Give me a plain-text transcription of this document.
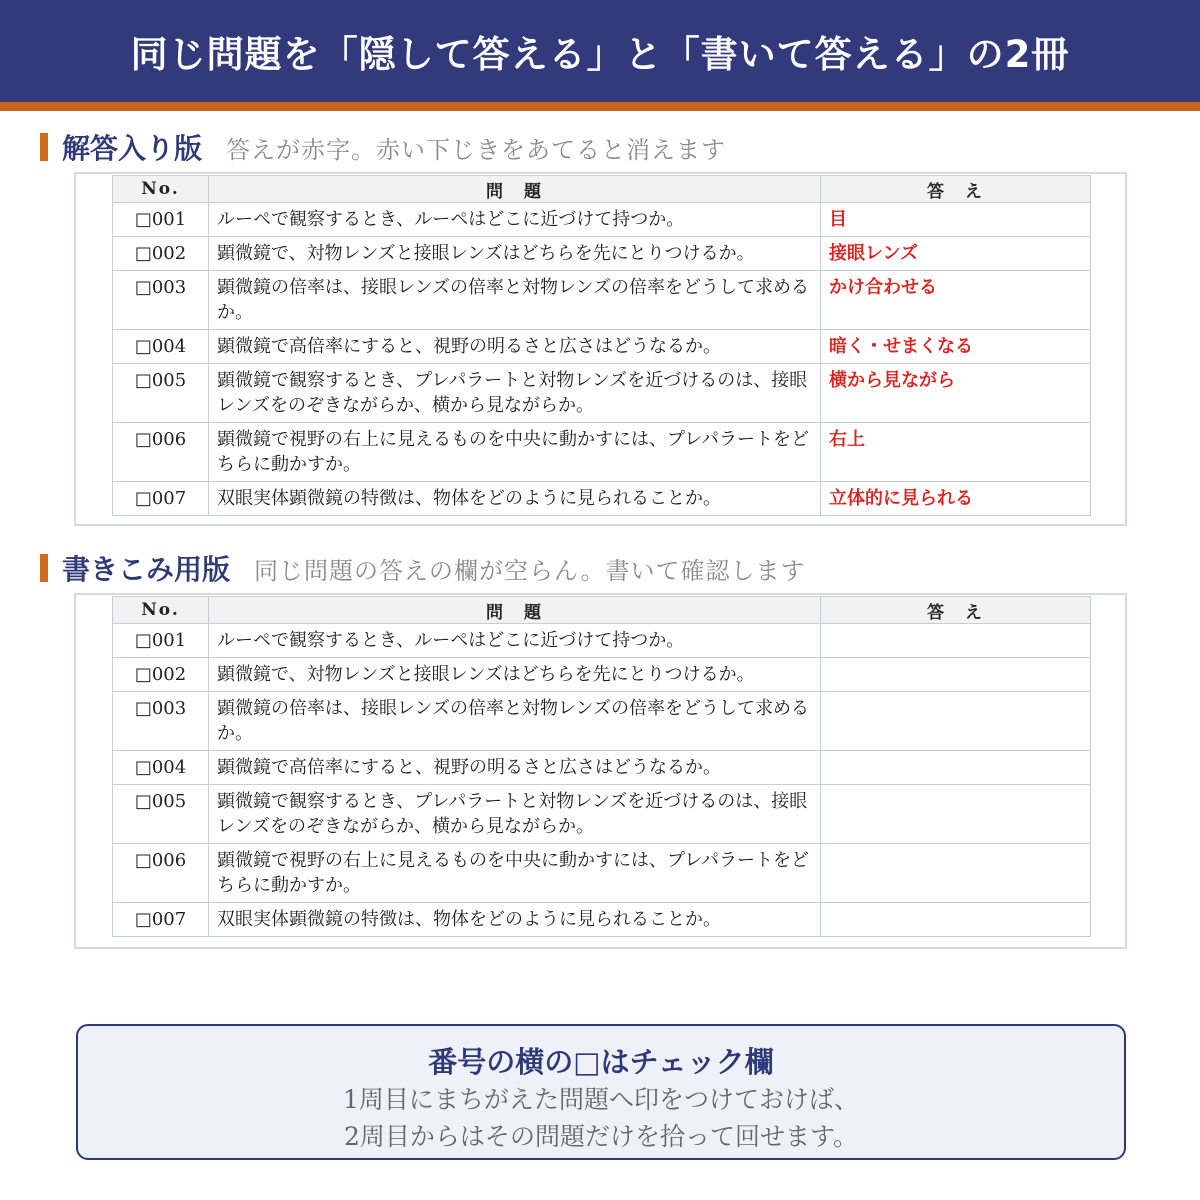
同じ問題を「隠して答える」と「書いて答える」の2冊
解答入り版 答えが赤字。赤い下じきをあてると消えます
No.	問　題	答　え
□001	ルーペで観察するとき、ルーペはどこに近づけて持つか。	目
□002	顕微鏡で、対物レンズと接眼レンズはどちらを先にとりつけるか。	接眼レンズ
□003	顕微鏡の倍率は、接眼レンズの倍率と対物レンズの倍率をどうして求めるか。	かけ合わせる
□004	顕微鏡で高倍率にすると、視野の明るさと広さはどうなるか。	暗く・せまくなる
□005	顕微鏡で観察するとき、プレパラートと対物レンズを近づけるのは、接眼レンズをのぞきながらか、横から見ながらか。	横から見ながら
□006	顕微鏡で視野の右上に見えるものを中央に動かすには、プレパラートをどちらに動かすか。	右上
□007	双眼実体顕微鏡の特徴は、物体をどのように見られることか。	立体的に見られる
書きこみ用版 同じ問題の答えの欄が空らん。書いて確認します
No.	問　題	答　え
□001	ルーペで観察するとき、ルーペはどこに近づけて持つか。	
□002	顕微鏡で、対物レンズと接眼レンズはどちらを先にとりつけるか。	
□003	顕微鏡の倍率は、接眼レンズの倍率と対物レンズの倍率をどうして求めるか。	
□004	顕微鏡で高倍率にすると、視野の明るさと広さはどうなるか。	
□005	顕微鏡で観察するとき、プレパラートと対物レンズを近づけるのは、接眼レンズをのぞきながらか、横から見ながらか。	
□006	顕微鏡で視野の右上に見えるものを中央に動かすには、プレパラートをどちらに動かすか。	
□007	双眼実体顕微鏡の特徴は、物体をどのように見られることか。	
番号の横の□はチェック欄
1周目にまちがえた問題へ印をつけておけば、
2周目からはその問題だけを拾って回せます。
